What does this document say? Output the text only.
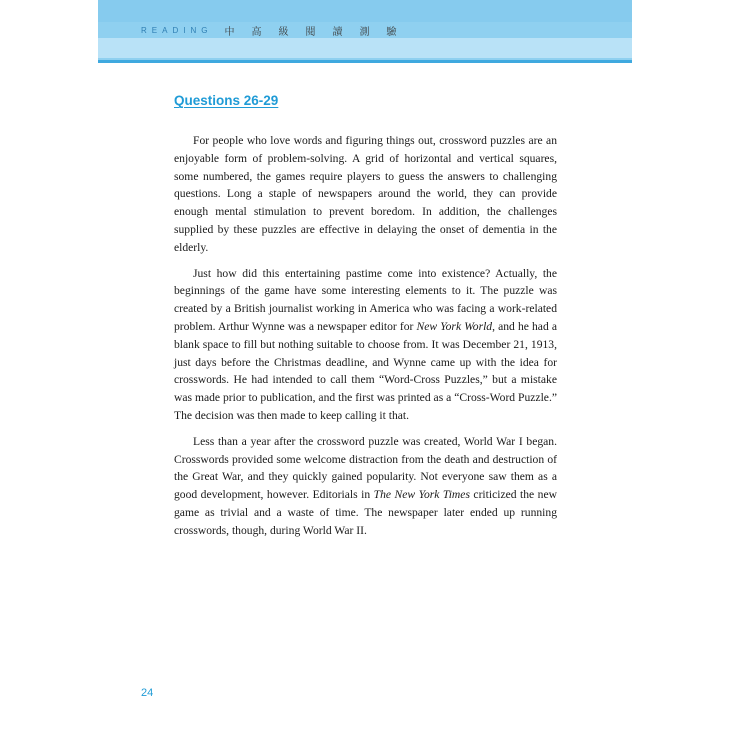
READING 中高級閱讀測驗
Questions 26-29

For people who love words and figuring things out, crossword puzzles are an enjoyable form of problem-solving. A grid of horizontal and vertical squares, some numbered, the games require players to guess the answers to challenging questions. Long a staple of newspapers around the world, they can provide enough mental stimulation to prevent boredom. In addition, the challenges supplied by these puzzles are effective in delaying the onset of dementia in the elderly.

Just how did this entertaining pastime come into existence? Actually, the beginnings of the game have some interesting elements to it. The puzzle was created by a British journalist working in America who was facing a work-related problem. Arthur Wynne was a newspaper editor for New York World, and he had a blank space to fill but nothing suitable to choose from. It was December 21, 1913, just days before the Christmas deadline, and Wynne came up with the idea for crosswords. He had intended to call them “Word-Cross Puzzles,” but a mistake was made prior to publication, and the first was printed as a “Cross-Word Puzzle.” The decision was then made to keep calling it that.

Less than a year after the crossword puzzle was created, World War I began. Crosswords provided some welcome distraction from the death and destruction of the Great War, and they quickly gained popularity. Not everyone saw them as a good development, however. Editorials in The New York Times criticized the new game as trivial and a waste of time. The newspaper later ended up running crosswords, though, during World War II.

24
